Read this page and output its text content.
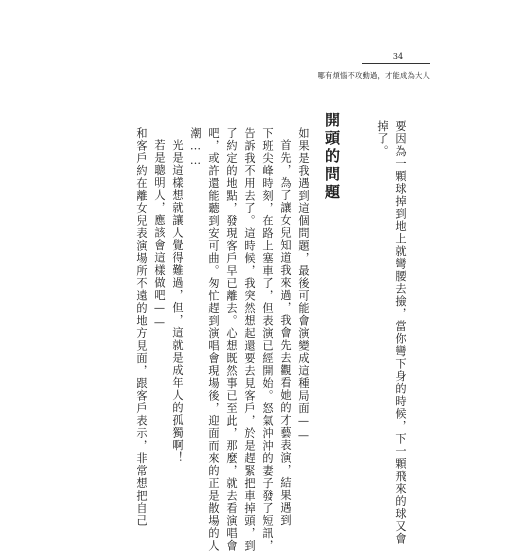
34
哪有煩惱不攻動過，才能成為大人
要因為一顆球掉到地上就彎腰去撿，當你彎下身的時候，下一顆飛來的球又會
掉了。
開頭的問題
如果是我遇到這個問題，最後可能會演變成這種局面——
首先，為了讓女兒知道我來過，我會先去觀看她的才藝表演，結果遇到
下班尖峰時刻，在路上塞車了，但表演已經開始。怒氣沖沖的妻子發了短訊，
告訴我不用去了。這時候，我突然想起還要去見客戶，於是趕緊把車掉頭，到
了約定的地點，發現客戶早已離去。心想既然事已至此，那麼，就去看演唱會
吧，或許還能聽到安可曲。匆忙趕到演唱會現場後，迎面而來的正是散場的人
潮……
光是這樣想就讓人覺得難過，但，這就是成年人的孤獨啊！
若是聰明人，應該會這樣做吧——
和客戶約在離女兒表演場所不遠的地方見面，跟客戶表示，非常想把自己
